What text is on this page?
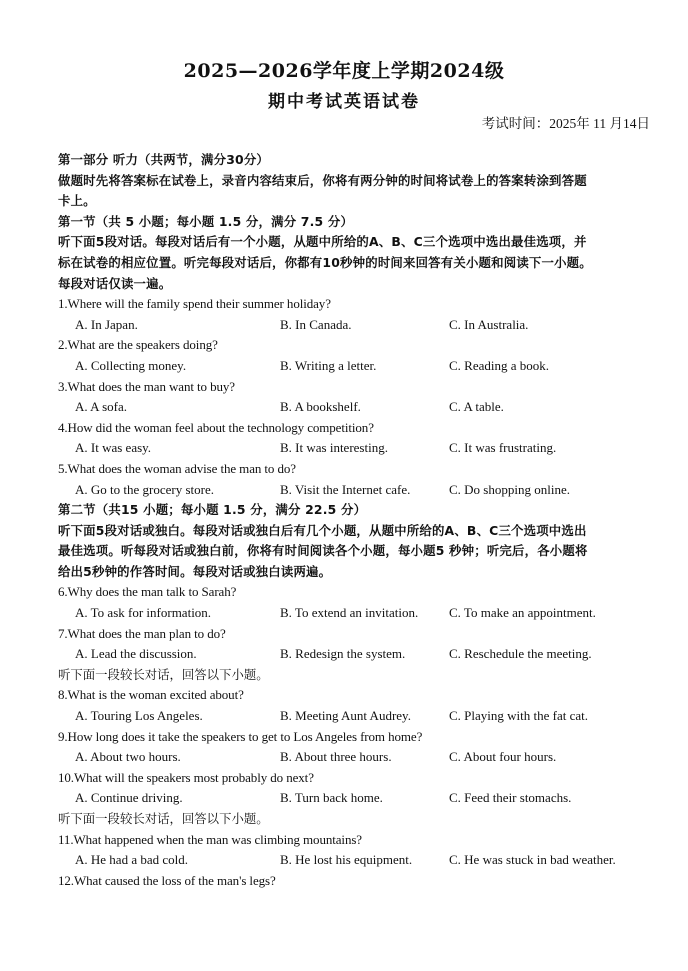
2025—2026学年度上学期2024级
期中考试英语试卷
考试时间：2025年 11 月14日
第一部分 听力（共两节，满分30分）
做题时先将答案标在试卷上，录音内容结束后，你将有两分钟的时间将试卷上的答案转涂到答题
卡上。
第一节（共 5 小题；每小题 1.5 分，满分 7.5 分）
听下面5段对话。每段对话后有一个小题，从题中所给的A、B、C三个选项中选出最佳选项，并
标在试卷的相应位置。听完每段对话后，你都有10秒钟的时间来回答有关小题和阅读下一小题。
每段对话仅读一遍。
1.Where will the family spend their summer holiday?
A. In Japan.	B. In Canada.	C. In Australia.
2.What are the speakers doing?
A. Collecting money.	B. Writing a letter.	C. Reading a book.
3.What does the man want to buy?
A. A sofa.	B. A bookshelf.	C. A table.
4.How did the woman feel about the technology competition?
A. It was easy.	B. It was interesting.	C. It was frustrating.
5.What does the woman advise the man to do?
A. Go to the grocery store.	B. Visit the Internet cafe.	C. Do shopping online.
第二节（共15 小题；每小题 1.5 分，满分 22.5 分）
听下面5段对话或独白。每段对话或独白后有几个小题，从题中所给的A、B、C三个选项中选出
最佳选项。听每段对话或独白前，你将有时间阅读各个小题，每小题5 秒钟；听完后，各小题将
给出5秒钟的作答时间。每段对话或独白读两遍。
6.Why does the man talk to Sarah?
A. To ask for information.	B. To extend an invitation. C. To make an appointment.
7.What does the man plan to do?
A. Lead the discussion.	B. Redesign the system.	C. Reschedule the meeting.
听下面一段较长对话，回答以下小题。
8.What is the woman excited about?
A. Touring Los Angeles.	B. Meeting Aunt Audrey.	C. Playing with the fat cat.
9.How long does it take the speakers to get to Los Angeles from home?
A. About two hours.	B. About three hours.	C. About four hours.
10.What will the speakers most probably do next?
A. Continue driving.	B. Turn back home.	C. Feed their stomachs.
听下面一段较长对话，回答以下小题。
11.What happened when the man was climbing mountains?
A. He had a bad cold.	B. He lost his equipment.	C. He was stuck in bad weather.
12.What caused the loss of the man's legs?
